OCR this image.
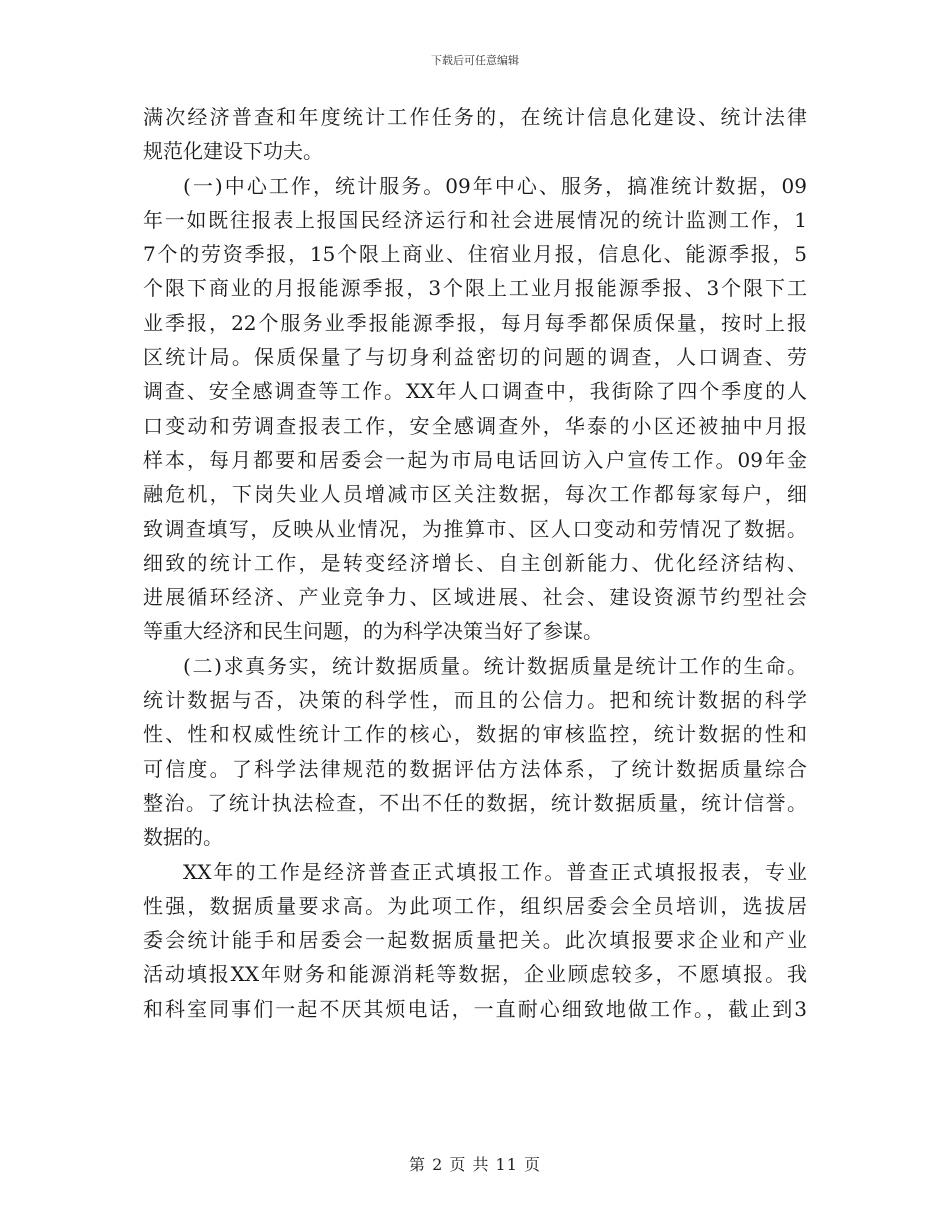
下载后可任意编辑
满次经济普查和年度统计工作任务的，在统计信息化建设、统计法律
规范化建设下功夫。
(一)中心工作，统计服务。09年中心、服务，搞准统计数据，09
年一如既往报表上报国民经济运行和社会进展情况的统计监测工作，1
7个的劳资季报，15个限上商业、住宿业月报，信息化、能源季报，5
个限下商业的月报能源季报，3个限上工业月报能源季报、3个限下工
业季报，22个服务业季报能源季报，每月每季都保质保量，按时上报
区统计局。保质保量了与切身利益密切的问题的调查，人口调查、劳
调查、安全感调查等工作。XX年人口调查中，我街除了四个季度的人
口变动和劳调查报表工作，安全感调查外，华泰的小区还被抽中月报
样本，每月都要和居委会一起为市局电话回访入户宣传工作。09年金
融危机，下岗失业人员增减市区关注数据，每次工作都每家每户，细
致调查填写，反映从业情况，为推算市、区人口变动和劳情况了数据。
细致的统计工作，是转变经济增长、自主创新能力、优化经济结构、
进展循环经济、产业竞争力、区域进展、社会、建设资源节约型社会
等重大经济和民生问题，的为科学决策当好了参谋。
(二)求真务实，统计数据质量。统计数据质量是统计工作的生命。
统计数据与否，决策的科学性，而且的公信力。把和统计数据的科学
性、性和权威性统计工作的核心，数据的审核监控，统计数据的性和
可信度。了科学法律规范的数据评估方法体系，了统计数据质量综合
整治。了统计执法检查，不出不任的数据，统计数据质量，统计信誉。
数据的。
XX年的工作是经济普查正式填报工作。普查正式填报报表，专业
性强，数据质量要求高。为此项工作，组织居委会全员培训，选拔居
委会统计能手和居委会一起数据质量把关。此次填报要求企业和产业
活动填报XX年财务和能源消耗等数据，企业顾虑较多，不愿填报。我
和科室同事们一起不厌其烦电话，一直耐心细致地做工作。，截止到3
第 2 页 共 11 页
